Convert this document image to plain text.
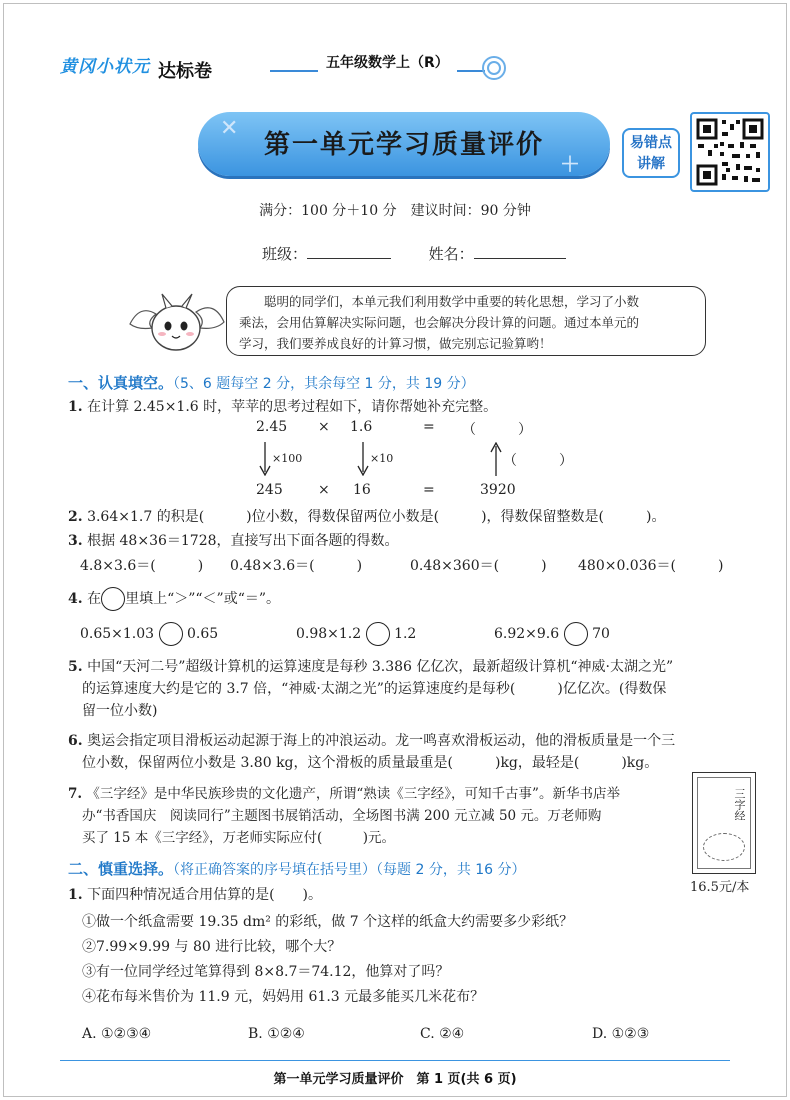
黄冈小状元 达标卷	五年级数学上（R）
✕
＋
第一单元学习质量评价	易错点
讲解
满分：100 分＋10 分　建议时间：90 分钟
班级：	姓名：
聪明的同学们，本单元我们利用数学中重要的转化思想，学习了小数
乘法，会用估算解决实际问题，也会解决分段计算的问题。通过本单元的
学习，我们要养成良好的计算习惯，做完别忘记验算哟！
一、认真填空。（5、6 题每空 2 分，其余每空 1 分，共 19 分）
1. 在计算 2.45×1.6 时，苹苹的思考过程如下，请你帮她补充完整。
2.45 × 1.6	= （　　　）
×100	×10	（　　　）
245	× 16	=	3920
2. 3.64×1.7 的积是(　　　)位小数，得数保留两位小数是(　　　)，得数保留整数是(　　　)。
3. 根据 48×36＝1728，直接写出下面各题的得数。
4.8×3.6＝(　　　) 0.48×3.6＝(　　　)	0.48×360＝(　　　) 480×0.036＝(　　　)
4. 在 里填上“＞”“＜”或“＝”。
0.65×1.03 0.65	0.98×1.2 1.2	6.92×9.6 70
5. 中国“天河二号”超级计算机的运算速度是每秒 3.386 亿亿次，最新超级计算机“神威·太湖之光”
的运算速度大约是它的 3.7 倍，“神威·太湖之光”的运算速度约是每秒(　　　)亿亿次。(得数保
留一位小数)
6. 奥运会指定项目滑板运动起源于海上的冲浪运动。龙一鸣喜欢滑板运动，他的滑板质量是一个三
位小数，保留两位小数是 3.80 kg，这个滑板的质量最重是(　　　)kg，最轻是(　　　)kg。
7. 《三字经》是中华民族珍贵的文化遗产，所谓“熟读《三字经》，可知千古事”。新华书店举
办“书香国庆　阅读同行”主题图书展销活动，全场图书满 200 元立减 50 元。万老师购
买了 15 本《三字经》，万老师实际应付(　　　)元。
三字经
16.5元/本
二、慎重选择。（将正确答案的序号填在括号里）（每题 2 分，共 16 分）
1. 下面四种情况适合用估算的是(　　)。
①做一个纸盒需要 19.35 dm² 的彩纸，做 7 个这样的纸盒大约需要多少彩纸？
②7.99×9.99 与 80 进行比较，哪个大？
③有一位同学经过笔算得到 8×8.7＝74.12，他算对了吗？
④花布每米售价为 11.9 元，妈妈用 61.3 元最多能买几米花布？
A. ①②③④	B. ①②④	C. ②④	D. ①②③
第一单元学习质量评价　第 1 页(共 6 页)
